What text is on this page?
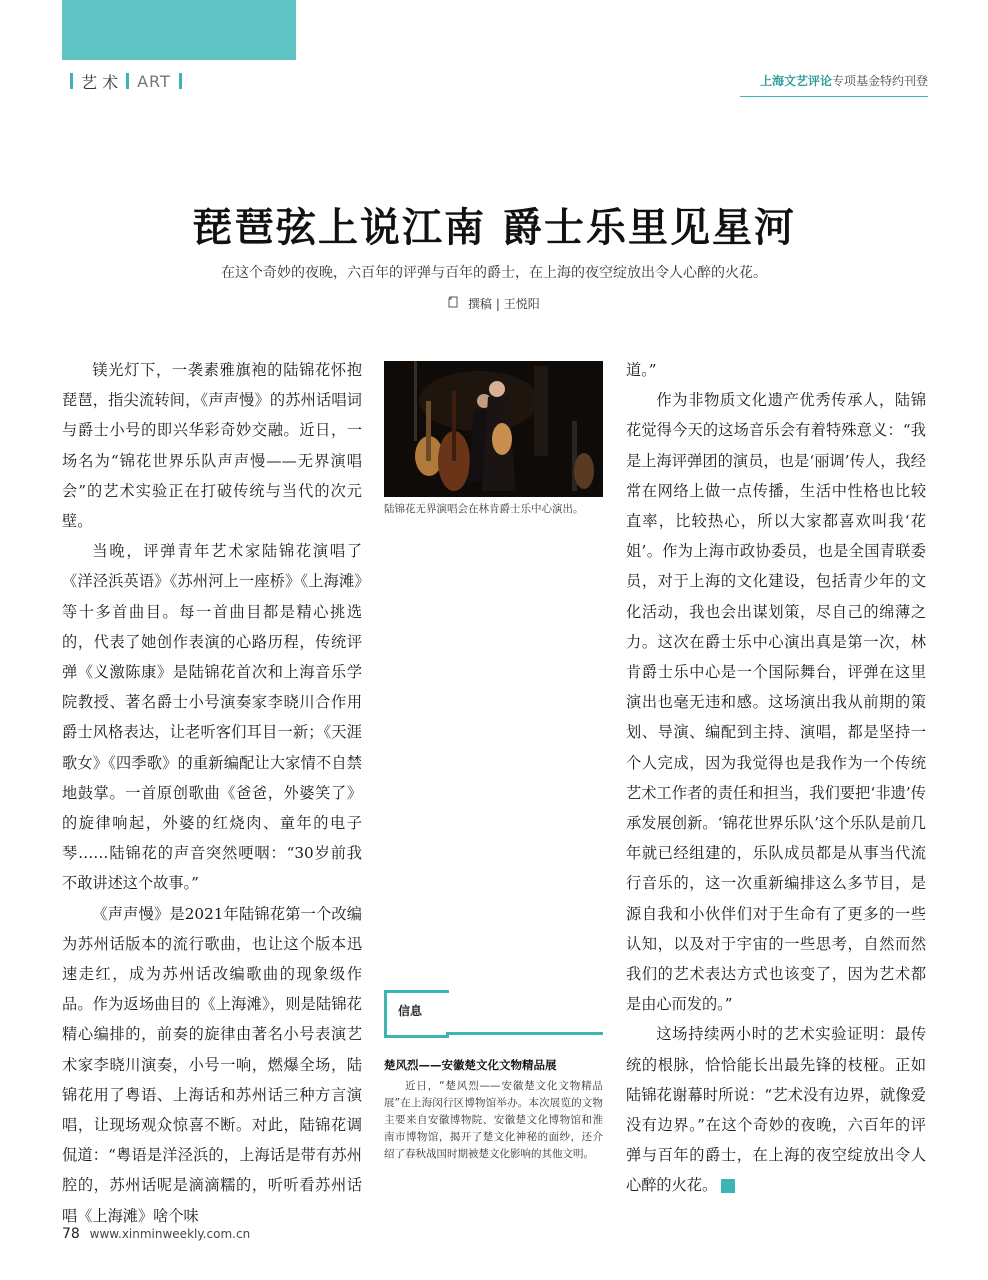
艺 术 ART	上海文艺评论 专项基金特约刊登
琵琶弦上说江南 爵士乐里见星河
在这个奇妙的夜晚，六百年的评弹与百年的爵士，在上海的夜空绽放出令人心醉的火花。
撰稿 | 王悦阳

镁光灯下，一袭素雅旗袍的陆锦花怀抱琵琶，指尖流转间，《声声慢》的苏州话唱词与爵士小号的即兴华彩奇妙交融。近日，一场名为“锦花世界乐队声声慢——无界演唱会”的艺术实验正在打破传统与当代的次元壁。

当晚，评弹青年艺术家陆锦花演唱了《洋泾浜英语》《苏州河上一座桥》《上海滩》等十多首曲目。每一首曲目都是精心挑选的，代表了她创作表演的心路历程，传统评弹《义激陈康》是陆锦花首次和上海音乐学院教授、著名爵士小号演奏家李晓川合作用爵士风格表达，让老听客们耳目一新；《天涯歌女》《四季歌》的重新编配让大家情不自禁地鼓掌。一首原创歌曲《爸爸，外婆笑了》的旋律响起，外婆的红烧肉、童年的电子琴……陆锦花的声音突然哽咽：“30岁前我不敢讲述这个故事。”

《声声慢》是2021年陆锦花第一个改编为苏州话版本的流行歌曲，也让这个版本迅速走红，成为苏州话改编歌曲的现象级作品。作为返场曲目的《上海滩》，则是陆锦花精心编排的，前奏的旋律由著名小号表演艺术家李晓川演奏，小号一响，燃爆全场，陆锦花用了粤语、上海话和苏州话三种方言演唱，让现场观众惊喜不断。对此，陆锦花调侃道：“粤语是洋泾浜的，上海话是带有苏州腔的，苏州话呢是滴滴糯的，听听看苏州话唱《上海滩》啥个味

陆锦花无界演唱会在林肯爵士乐中心演出。
信息
楚风烈——安徽楚文化文物精品展
近日，“楚风烈——安徽楚文化文物精品展”在上海闵行区博物馆举办。本次展览的文物主要来自安徽博物院、安徽楚文化博物馆和淮南市博物馆，揭开了楚文化神秘的面纱，还介绍了春秋战国时期被楚文化影响的其他文明。

道。”

作为非物质文化遗产优秀传承人，陆锦花觉得今天的这场音乐会有着特殊意义：“我是上海评弹团的演员，也是‘丽调’传人，我经常在网络上做一点传播，生活中性格也比较直率，比较热心，所以大家都喜欢叫我‘花姐’。作为上海市政协委员，也是全国青联委员，对于上海的文化建设，包括青少年的文化活动，我也会出谋划策，尽自己的绵薄之力。这次在爵士乐中心演出真是第一次，林肯爵士乐中心是一个国际舞台，评弹在这里演出也毫无违和感。这场演出我从前期的策划、导演、编配到主持、演唱，都是坚持一个人完成，因为我觉得也是我作为一个传统艺术工作者的责任和担当，我们要把‘非遗’传承发展创新。‘锦花世界乐队’这个乐队是前几年就已经组建的，乐队成员都是从事当代流行音乐的，这一次重新编排这么多节目，是源自我和小伙伴们对于生命有了更多的一些认知，以及对于宇宙的一些思考，自然而然我们的艺术表达方式也该变了，因为艺术都是由心而发的。”

这场持续两小时的艺术实验证明：最传统的根脉，恰恰能长出最先锋的枝桠。正如陆锦花谢幕时所说：“艺术没有边界，就像爱没有边界。”在这个奇妙的夜晚，六百年的评弹与百年的爵士，在上海的夜空绽放出令人心醉的火花。	民

78 www.xinminweekly.com.cn
